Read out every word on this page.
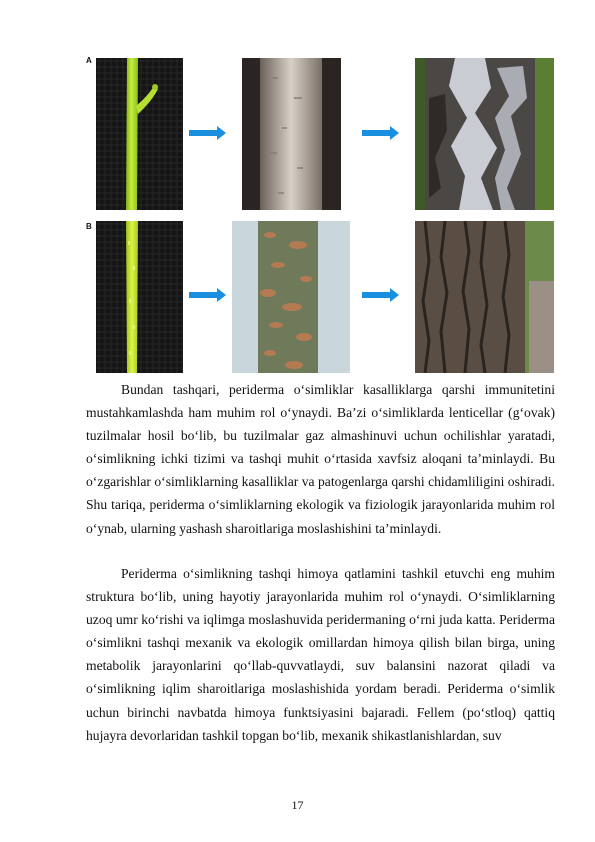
A
B

Bundan tashqari, periderma o‘simliklar kasalliklarga qarshi immunitetini mustahkamlashda ham muhim rol o‘ynaydi. Ba’zi o‘simliklarda lenticellar (g‘ovak) tuzilmalar hosil bo‘lib, bu tuzilmalar gaz almashinuvi uchun ochilishlar yaratadi, o‘simlikning ichki tizimi va tashqi muhit o‘rtasida xavfsiz aloqani ta’minlaydi. Bu o‘zgarishlar o‘simliklarning kasalliklar va patogenlarga qarshi chidamliligini oshiradi. Shu tariqa, periderma o‘simliklarning ekologik va fiziologik jarayonlarida muhim rol o‘ynab, ularning yashash sharoitlariga moslashishini ta’minlaydi.

Periderma o‘simlikning tashqi himoya qatlamini tashkil etuvchi eng muhim struktura bo‘lib, uning hayotiy jarayonlarida muhim rol o‘ynaydi. O‘simliklarning uzoq umr ko‘rishi va iqlimga moslashuvida peridermaning o‘rni juda katta. Periderma o‘simlikni tashqi mexanik va ekologik omillardan himoya qilish bilan birga, uning metabolik jarayonlarini qo‘llab-quvvatlaydi, suv balansini nazorat qiladi va o‘simlikning iqlim sharoitlariga moslashishida yordam beradi. Periderma o‘simlik uchun birinchi navbatda himoya funktsiyasini bajaradi. Fellem (po‘stloq) qattiq hujayra devorlaridan tashkil topgan bo‘lib, mexanik shikastlanishlardan, suv

17
